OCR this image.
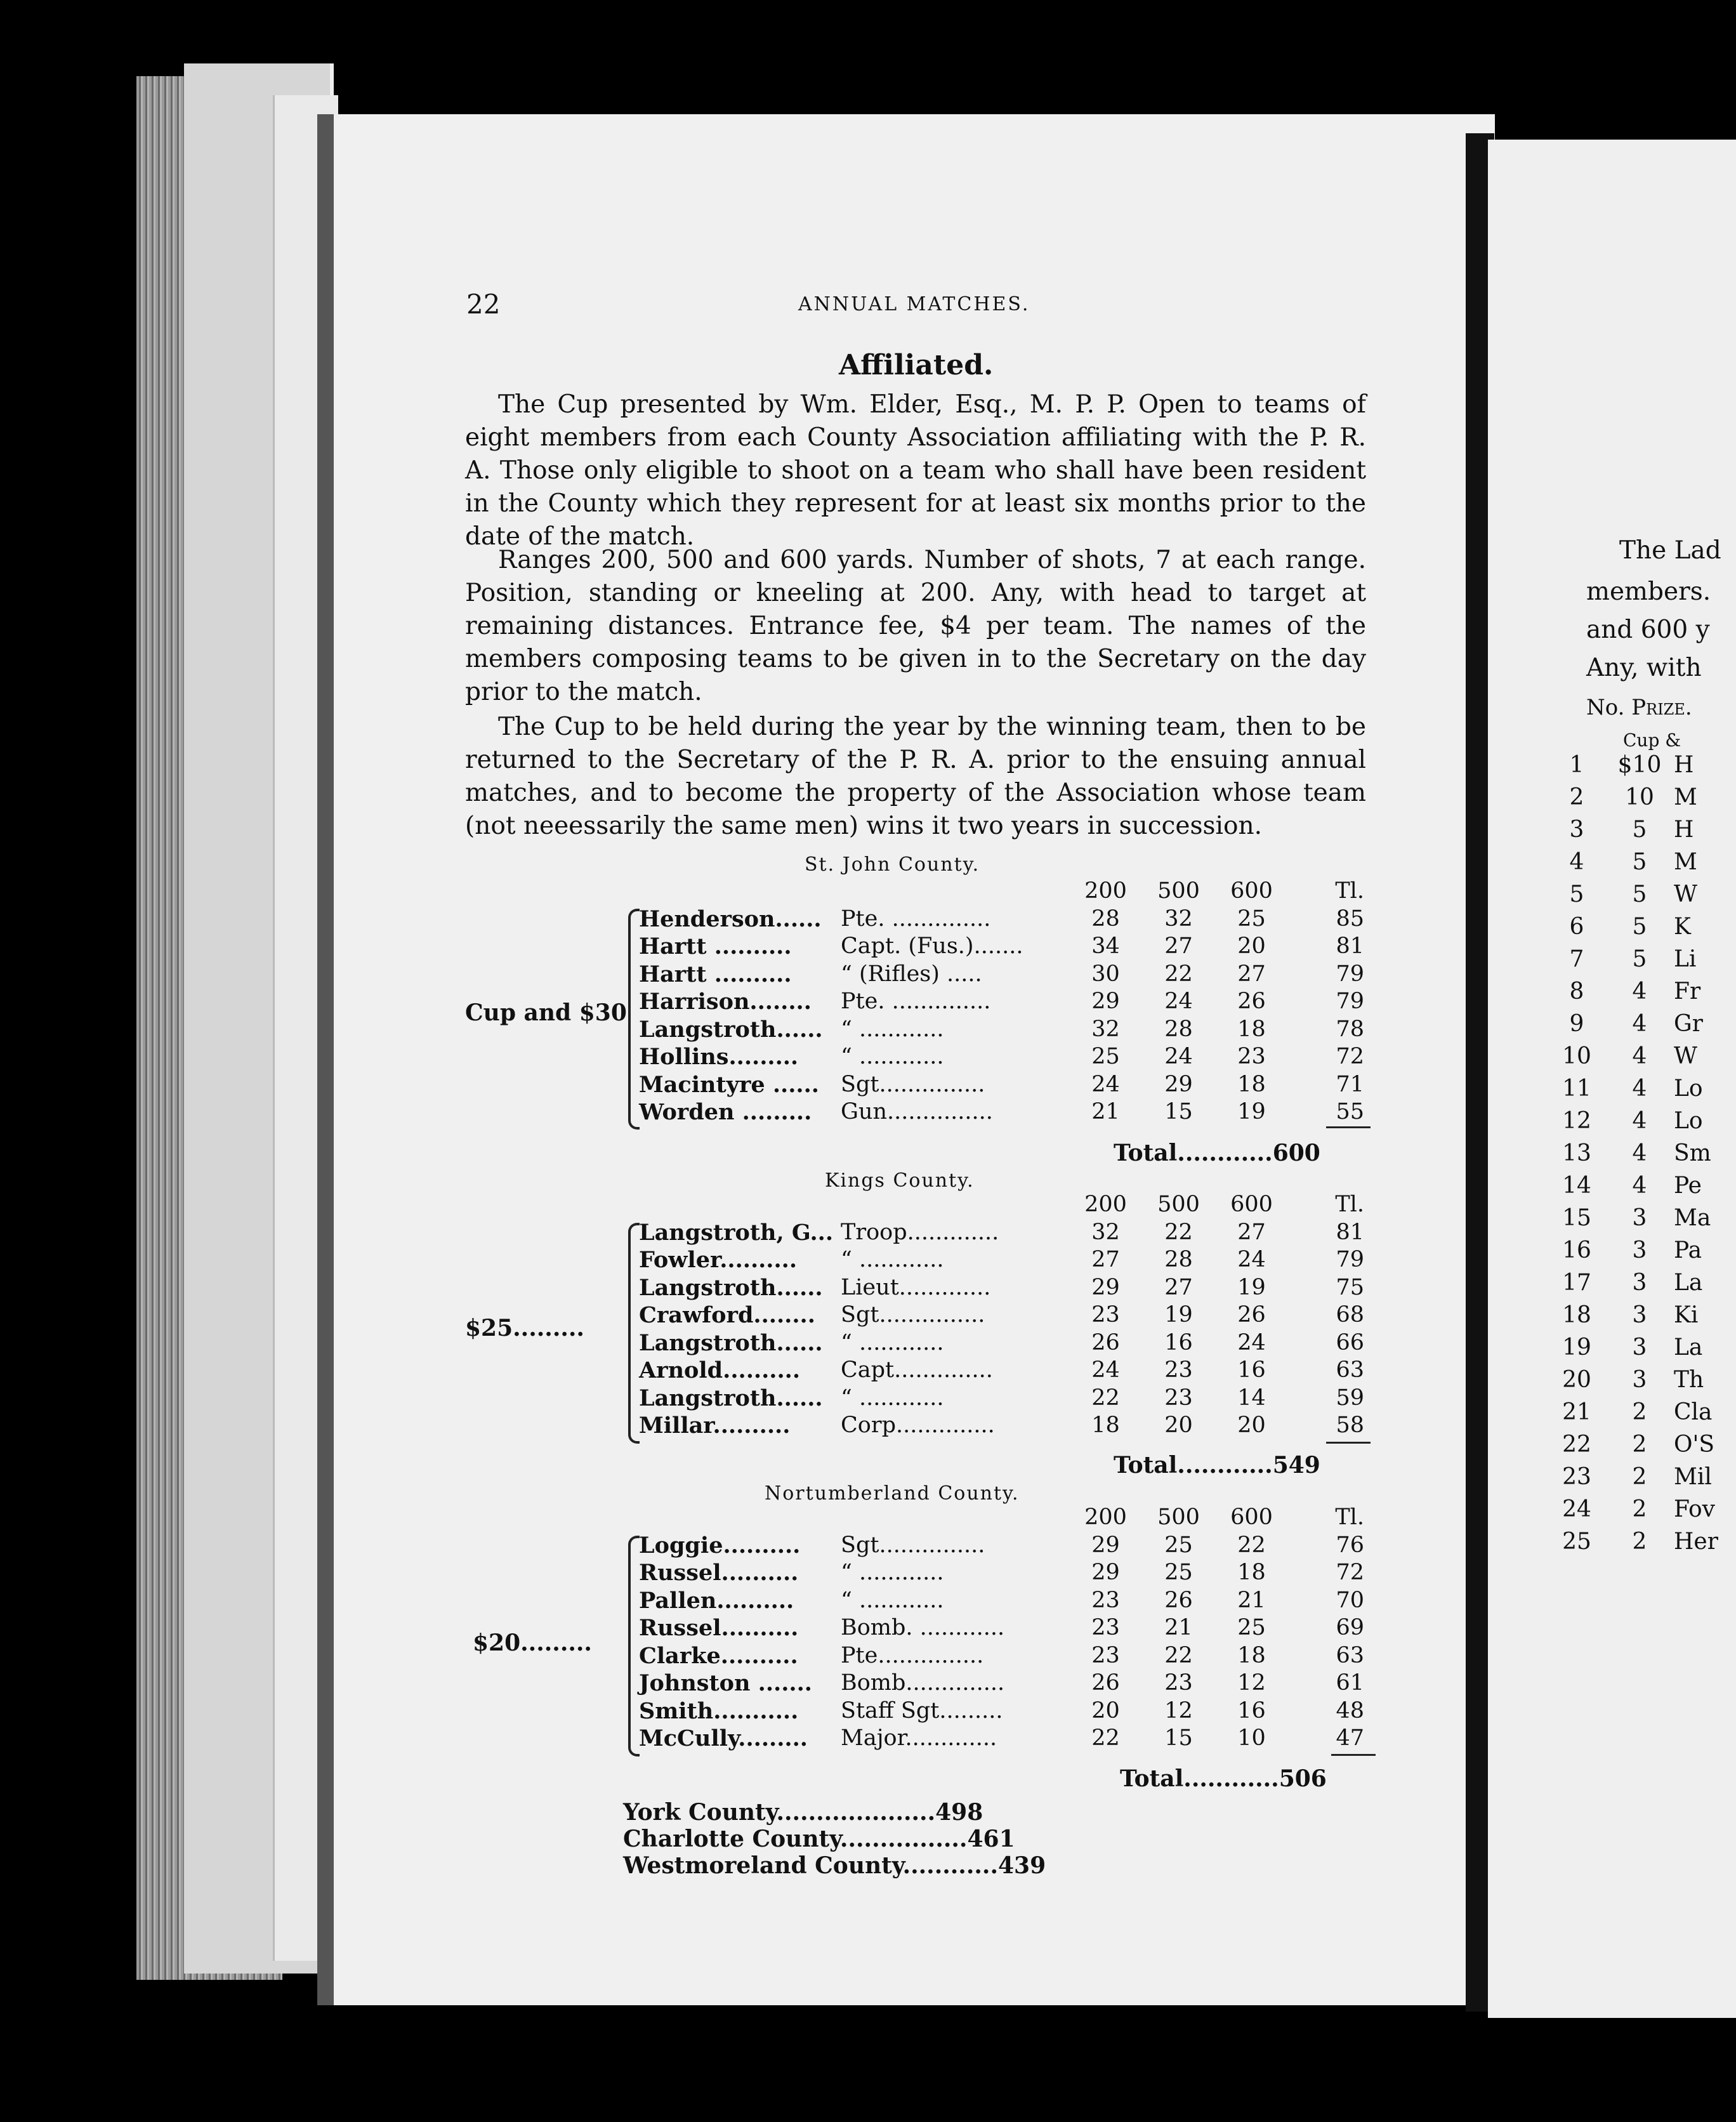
22	ANNUAL MATCHES.
Affiliated.
The Cup presented by Wm. Elder, Esq., M. P. P. Open to teams of eight members from each County Association affiliating with the P. R. A. Those only eligible to shoot on a team who shall have been resident in the County which they represent for at least six months prior to the date of the match.
Ranges 200, 500 and 600 yards. Number of shots, 7 at each range. Position, standing or kneeling at 200. Any, with head to target at remaining distances. Entrance fee, $4 per team. The names of the members composing teams to be given in to the Secretary on the day prior to the match.
The Cup to be held during the year by the winning team, then to be returned to the Secretary of the P. R. A. prior to the ensuing annual matches, and to become the property of the Association whose team (not neeessarily the same men) wins it two years in succession.
St. John County.
		200	500	600	Tl.
Henderson......	Pte. ..............	28	32	25	85
Hartt ..........	Capt. (Fus.).......	34	27	20	81
Hartt ..........	“ (Rifles) .....	30	22	27	79
Harrison........	Pte. ..............	29	24	26	79
Langstroth......	“ ............	32	28	18	78
Hollins.........	“ ............	25	24	23	72
Macintyre ......	Sgt...............	24	29	18	71
Worden .........	Gun...............	21	15	19	55
Cup and $30
Total............600
Kings County.
		200	500	600	Tl.
Langstroth, G...	Troop.............	32	22	27	81
Fowler..........	“ ............	27	28	24	79
Langstroth......	Lieut.............	29	27	19	75
Crawford........	Sgt...............	23	19	26	68
Langstroth......	“ ............	26	16	24	66
Arnold..........	Capt..............	24	23	16	63
Langstroth......	“ ............	22	23	14	59
Millar..........	Corp..............	18	20	20	58
$25.........
Total............549
Nortumberland County.
		200	500	600	Tl.
Loggie..........	Sgt...............	29	25	22	76
Russel..........	“ ............	29	25	18	72
Pallen..........	“ ............	23	26	21	70
Russel..........	Bomb. ............	23	21	25	69
Clarke..........	Pte...............	23	22	18	63
Johnston .......	Bomb..............	26	23	12	61
Smith...........	Staff Sgt.........	20	12	16	48
McCully.........	Major.............	22	15	10	47
$20.........
Total............506
York County....................498
Charlotte County................461
Westmoreland County............439
The Lad
members.
and 600 y
Any, with
No. Prize.
Cup &
1	$10	H
2	10	M
3	5	H
4	5	M
5	5	W
6	5	K
7	5	Li
8	4	Fr
9	4	Gr
10	4	W
11	4	Lo
12	4	Lo
13	4	Sm
14	4	Pe
15	3	Ma
16	3	Pa
17	3	La
18	3	Ki
19	3	La
20	3	Th
21	2	Cla
22	2	O'S
23	2	Mil
24	2	Fov
25	2	Her
